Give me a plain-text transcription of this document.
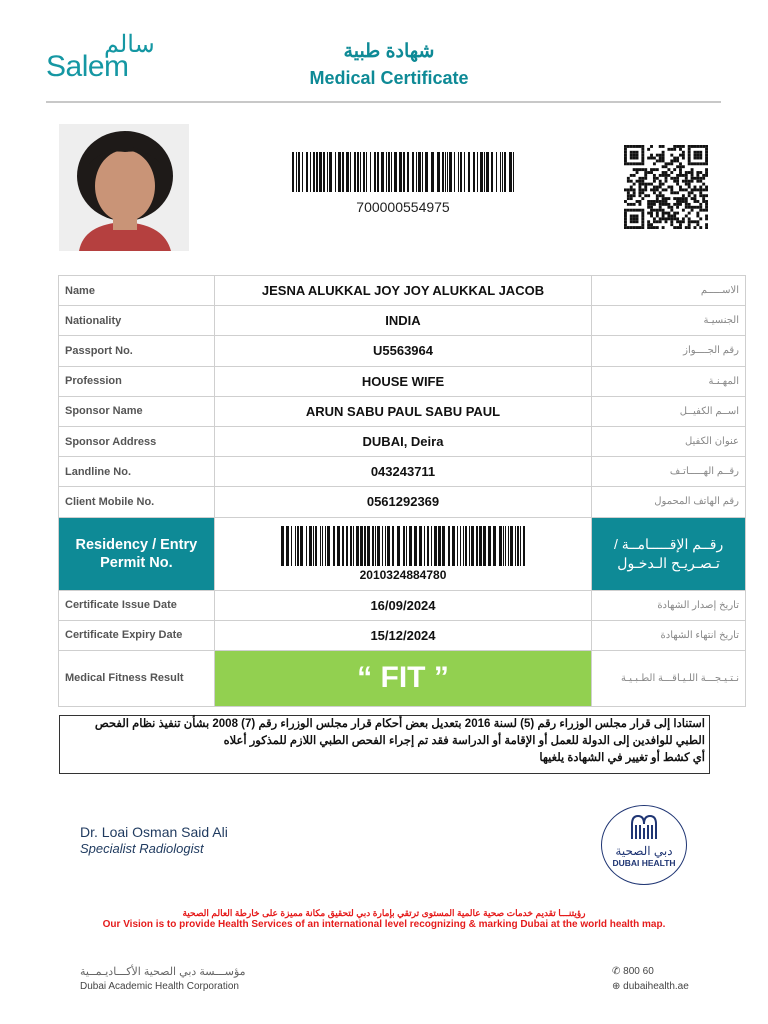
سالم
Salem	شهادة طبية
Medical Certificate
700000554975
Name	JESNA ALUKKAL JOY JOY ALUKKAL JACOB	الاســـــم
Nationality	INDIA	الجنسيـة
Passport No.	U5563964	رقم الجــــواز
Profession	HOUSE WIFE	المهـنـة
Sponsor Name	ARUN SABU PAUL SABU PAUL	اســم الكفيــل
Sponsor Address	DUBAI, Deira	عنوان الكفيل
Landline No.	043243711	رقــم الهـــــاتـف
Client Mobile No.	0561292369	رقم الهاتف المحمول
Residency / Entry Permit No.	2010324884780	رقــم الإقـــــامــة / تـصـريـح الـدخـول
Certificate Issue Date	16/09/2024	تاريخ إصدار الشهادة
Certificate Expiry Date	15/12/2024	تاريخ انتهاء الشهادة
Medical Fitness Result	“ FIT ”	نـتـيـجـــة اللـيـاقـــة الطـبـيـة
استنادا إلى قرار مجلس الوزراء رقم (5) لسنة 2016 بتعديل بعض أحكام قرار مجلس الوزراء رقم (7) 2008 بشأن تنفيذ نظام الفحص
الطبي للوافدين إلى الدولة للعمل أو الإقامة أو الدراسة فقد تم إجراء الفحص الطبي اللازم للمذكور أعلاه
أي كشط أو تغيير في الشهادة يلغيها
Dr. Loai Osman Said Ali
Specialist Radiologist	دبي الصحية
DUBAI HEALTH
رؤيتنـــا تقديم خدمات صحية عالمية المستوى ترتقي بإمارة دبي لتحقيق مكانة مميزة على خارطة العالم الصحية
Our Vision is to provide Health Services of an international level recognizing & marking Dubai at the world health map.
مؤســـسة دبي الصحية الأكـــاديـمــية
Dubai Academic Health Corporation
✆ 800 60
⊕ dubaihealth.ae
